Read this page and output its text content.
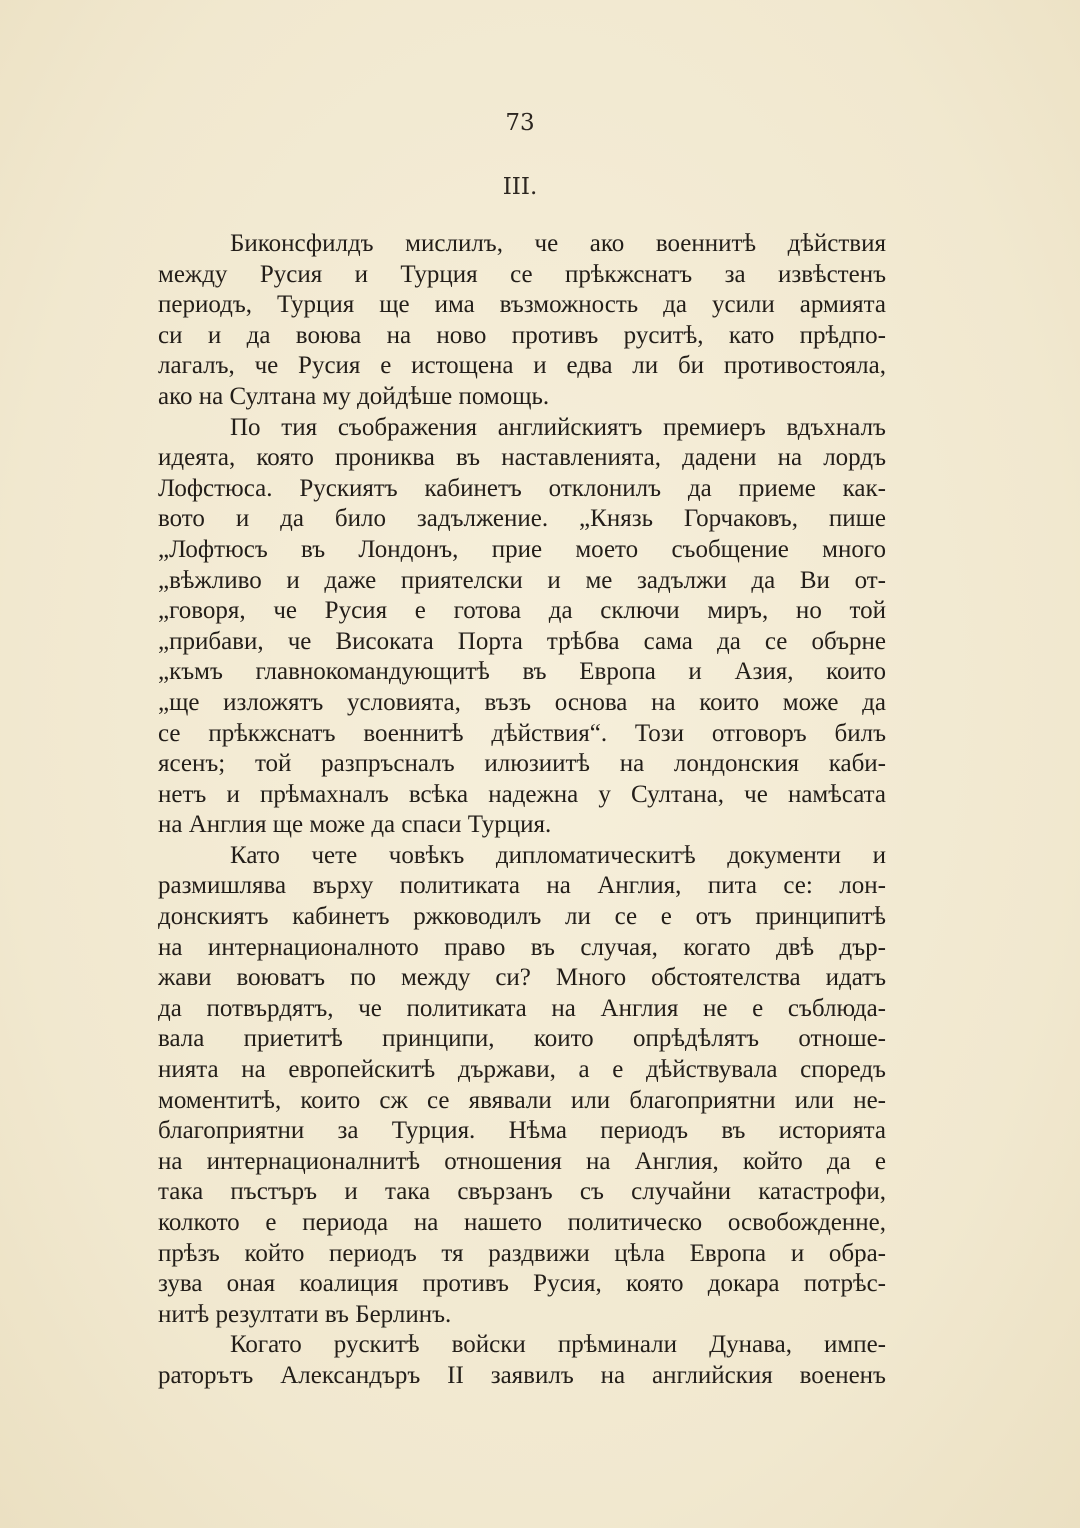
73
III.
Биконсфилдъ мислилъ, че ако военнитѣ дѣйствия
между Русия и Турция се прѣкжснатъ за извѣстенъ
периодъ, Турция ще има възможность да усили армията
си и да воюва на ново противъ руситѣ, като прѣдпо-
лагалъ, че Русия е истощена и едва ли би противостояла,
ако на Султана му дойдѣше помощь.
По тия съображения английскиятъ премиеръ вдъхналъ
идеята, която прониква въ наставленията, дадени на лордъ
Лофстюса. Рускиятъ кабинетъ отклонилъ да приеме как-
вото и да било задължение. „Князь Горчаковъ, пише
„Лофтюсъ въ Лондонъ, прие моето съобщение много
„вѣжливо и даже приятелски и ме задължи да Ви от-
„говоря, че Русия е готова да сключи миръ, но той
„прибави, че Високата Порта трѣбва сама да се обърне
„къмъ главнокомандующитѣ въ Европа и Азия, които
„ще изложятъ условията, възъ основа на които може да
се прѣкжснатъ военнитѣ дѣйствия“. Този отговоръ билъ
ясенъ; той разпръсналъ илюзиитѣ на лондонския каби-
нетъ и прѣмахналъ всѣка надежна у Султана, че намѣсата
на Англия ще може да спаси Турция.
Като чете човѣкъ дипломатическитѣ документи и
размишлява върху политиката на Англия, пита се: лон-
донскиятъ кабинетъ ржководилъ ли се е отъ принципитѣ
на интернационалното право въ случая, когато двѣ дър-
жави воюватъ по между си? Много обстоятелства идатъ
да потвърдятъ, че политиката на Англия не е съблюда-
вала приетитѣ принципи, които опрѣдѣлятъ отноше-
нията на европейскитѣ държави, а е дѣйствувала споредъ
моментитѣ, които сж се явявали или благоприятни или не-
благоприятни за Турция. Нѣма периодъ въ историята
на интернационалнитѣ отношения на Англия, който да е
така пъстъръ и така свързанъ съ случайни катастрофи,
колкото е периода на нашето политическо освобожденне,
прѣзъ който периодъ тя раздвижи цѣла Европа и обра-
зува оная коалиция противъ Русия, която докара потрѣс-
нитѣ резултати въ Берлинъ.
Когато рускитѣ войски прѣминали Дунава, импе-
раторътъ Александъръ II заявилъ на английския воененъ
